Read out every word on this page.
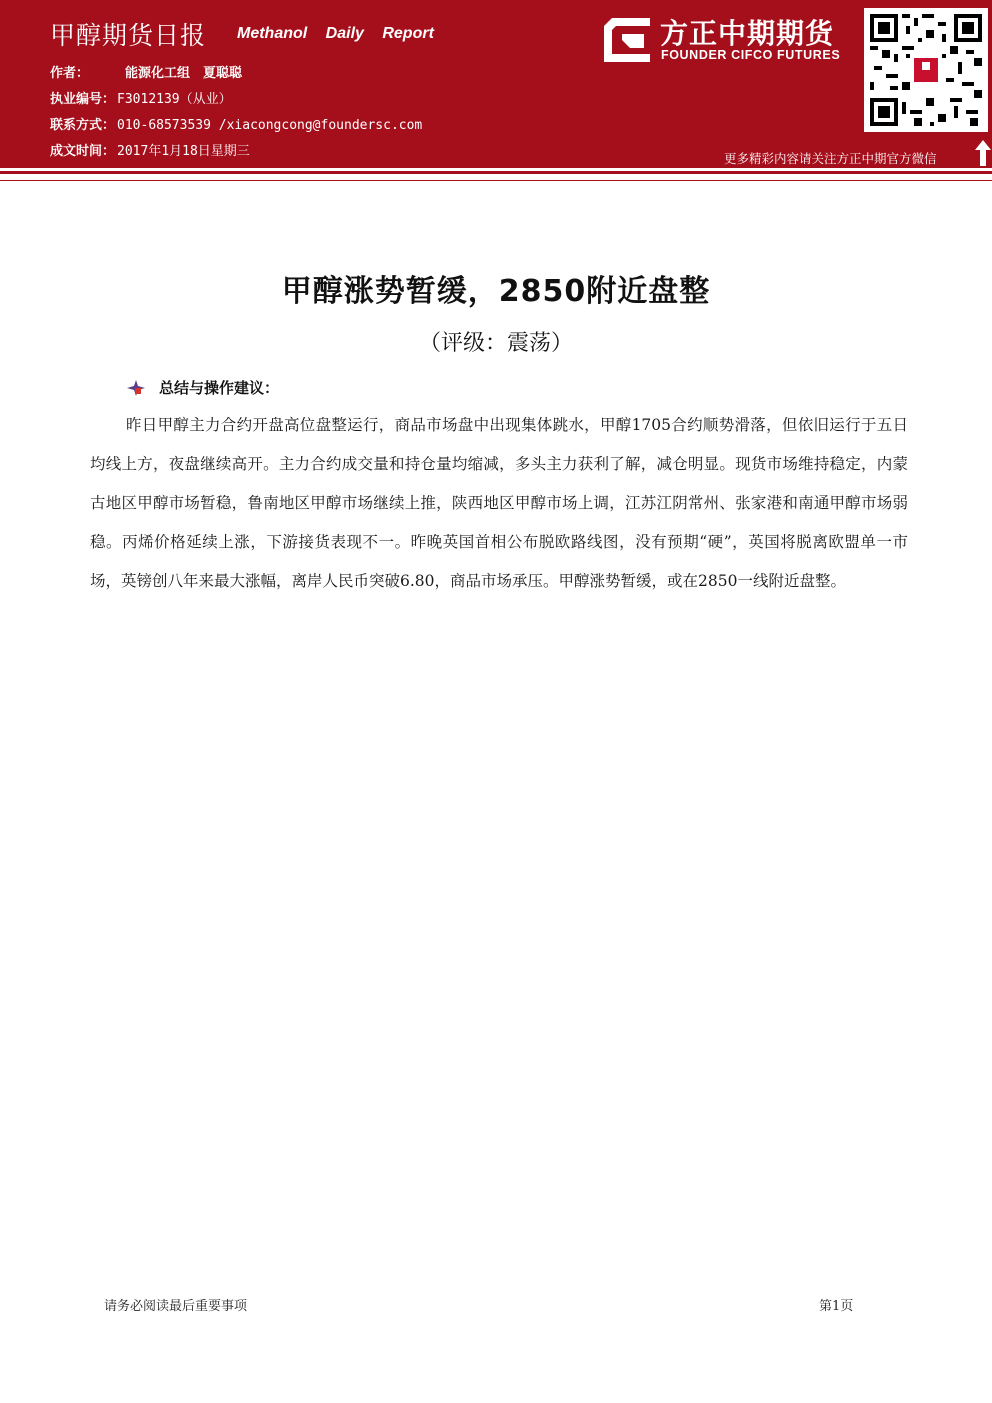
甲醇期货日报 Methanol Daily Report
作者：	能源化工组　夏聪聪
执业编号： F3012139（从业）
联系方式： 010-68573539 /xiacongcong@foundersc.com
成文时间： 2017年1月18日星期三
方正中期期货
FOUNDER CIFCO FUTURES
更多精彩内容请关注方正中期官方微信
甲醇涨势暂缓，2850附近盘整
（评级：震荡）
总结与操作建议：
昨日甲醇主力合约开盘高位盘整运行，商品市场盘中出现集体跳水，甲醇1705合约顺势滑落，但依旧运行于五日均线上方，夜盘继续高开。主力合约成交量和持仓量均缩减，多头主力获利了解，减仓明显。现货市场维持稳定，内蒙古地区甲醇市场暂稳，鲁南地区甲醇市场继续上推，陕西地区甲醇市场上调，江苏江阴常州、张家港和南通甲醇市场弱稳。丙烯价格延续上涨，下游接货表现不一。昨晚英国首相公布脱欧路线图，没有预期“硬”，英国将脱离欧盟单一市场，英镑创八年来最大涨幅，离岸人民币突破6.80，商品市场承压。甲醇涨势暂缓，或在2850一线附近盘整。
请务必阅读最后重要事项	第1页
